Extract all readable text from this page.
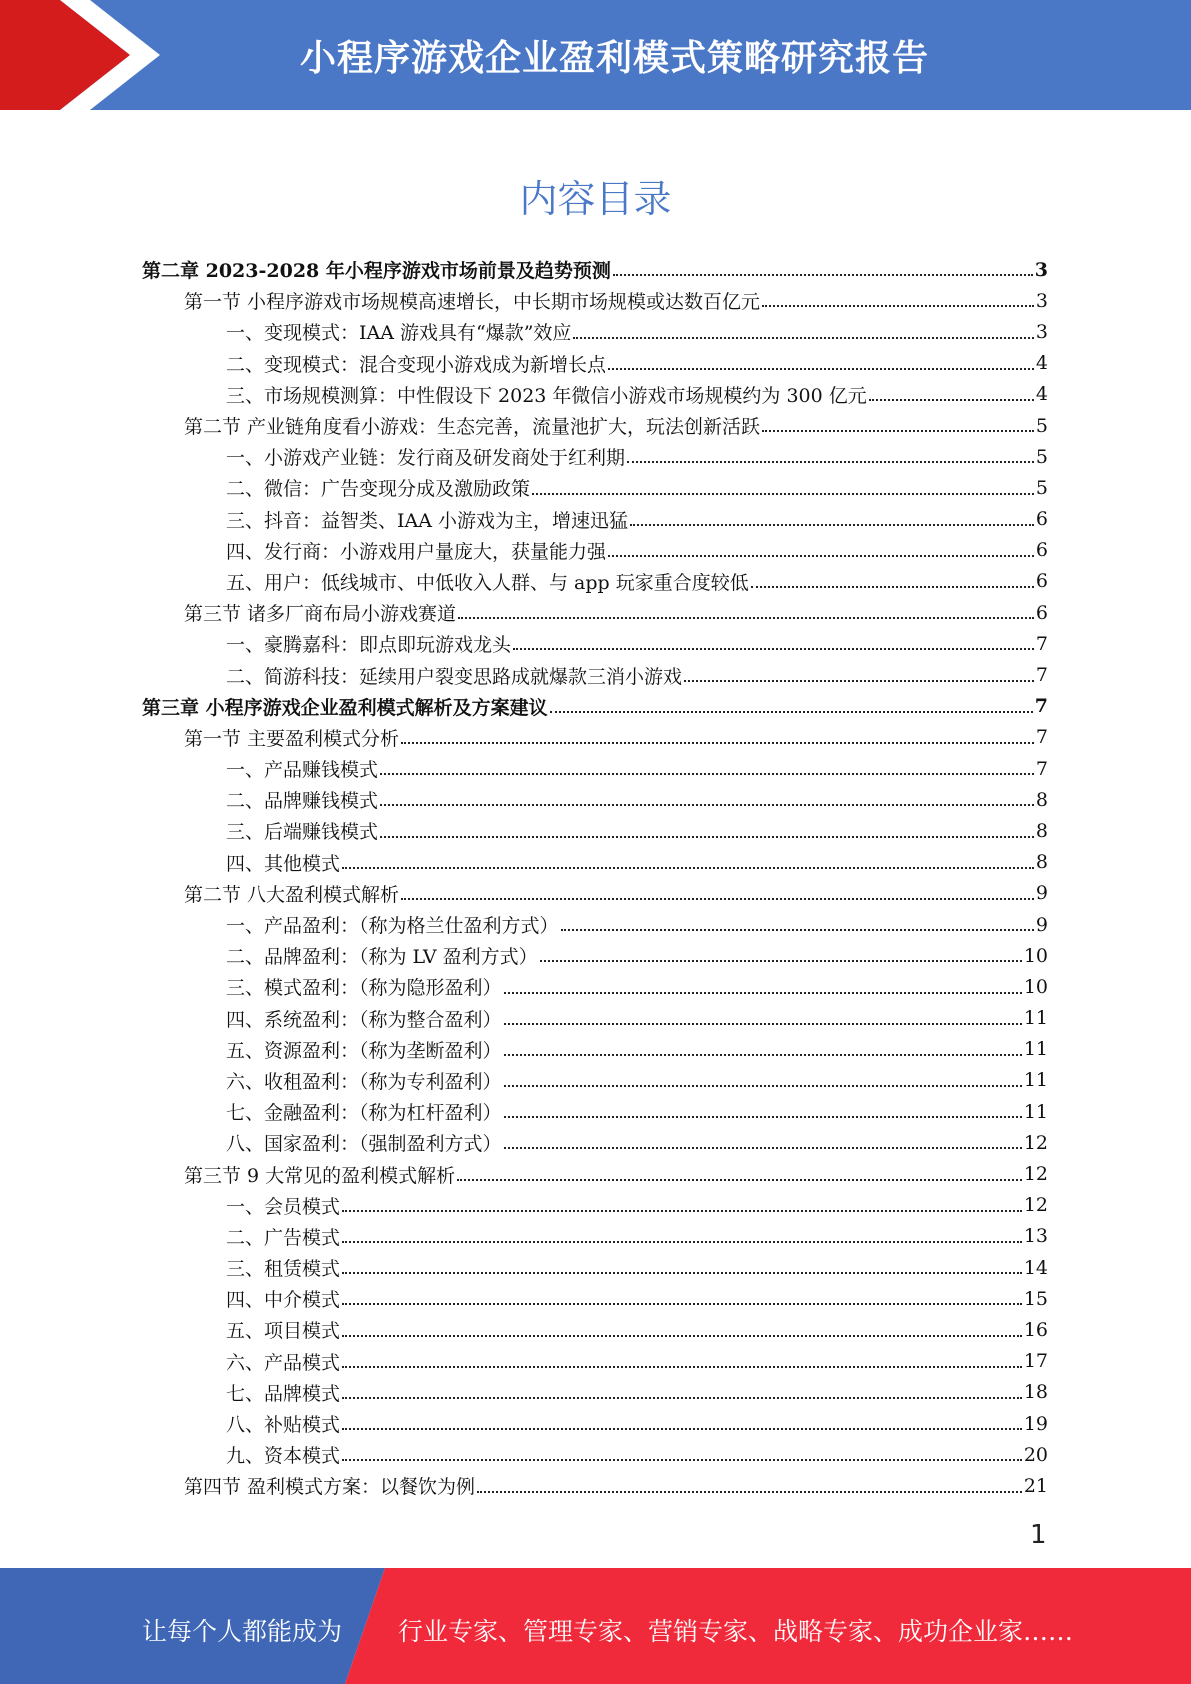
小程序游戏企业盈利模式策略研究报告
内容目录
第二章 2023-2028 年小程序游戏市场前景及趋势预测	3
第一节 小程序游戏市场规模高速增长，中长期市场规模或达数百亿元	3
一、变现模式：IAA 游戏具有“爆款”效应	3
二、变现模式：混合变现小游戏成为新增长点	4
三、市场规模测算：中性假设下 2023 年微信小游戏市场规模约为 300 亿元	4
第二节 产业链角度看小游戏：生态完善，流量池扩大，玩法创新活跃	5
一、小游戏产业链：发行商及研发商处于红利期	5
二、微信：广告变现分成及激励政策	5
三、抖音：益智类、IAA 小游戏为主，增速迅猛	6
四、发行商：小游戏用户量庞大，获量能力强	6
五、用户：低线城市、中低收入人群、与 app 玩家重合度较低	6
第三节 诸多厂商布局小游戏赛道	6
一、豪腾嘉科：即点即玩游戏龙头	7
二、简游科技：延续用户裂变思路成就爆款三消小游戏	7
第三章 小程序游戏企业盈利模式解析及方案建议	7
第一节 主要盈利模式分析	7
一、产品赚钱模式	7
二、品牌赚钱模式	8
三、后端赚钱模式	8
四、其他模式	8
第二节 八大盈利模式解析	9
一、产品盈利：（称为格兰仕盈利方式）	9
二、品牌盈利：（称为 LV 盈利方式）	10
三、模式盈利：（称为隐形盈利）	10
四、系统盈利：（称为整合盈利）	11
五、资源盈利：（称为垄断盈利）	11
六、收租盈利：（称为专利盈利）	11
七、金融盈利：（称为杠杆盈利）	11
八、国家盈利：（强制盈利方式）	12
第三节 9 大常见的盈利模式解析	12
一、会员模式	12
二、广告模式	13
三、租赁模式	14
四、中介模式	15
五、项目模式	16
六、产品模式	17
七、品牌模式	18
八、补贴模式	19
九、资本模式	20
第四节 盈利模式方案：以餐饮为例	21
1
让每个人都能成为 行业专家、管理专家、营销专家、战略专家、成功企业家……
